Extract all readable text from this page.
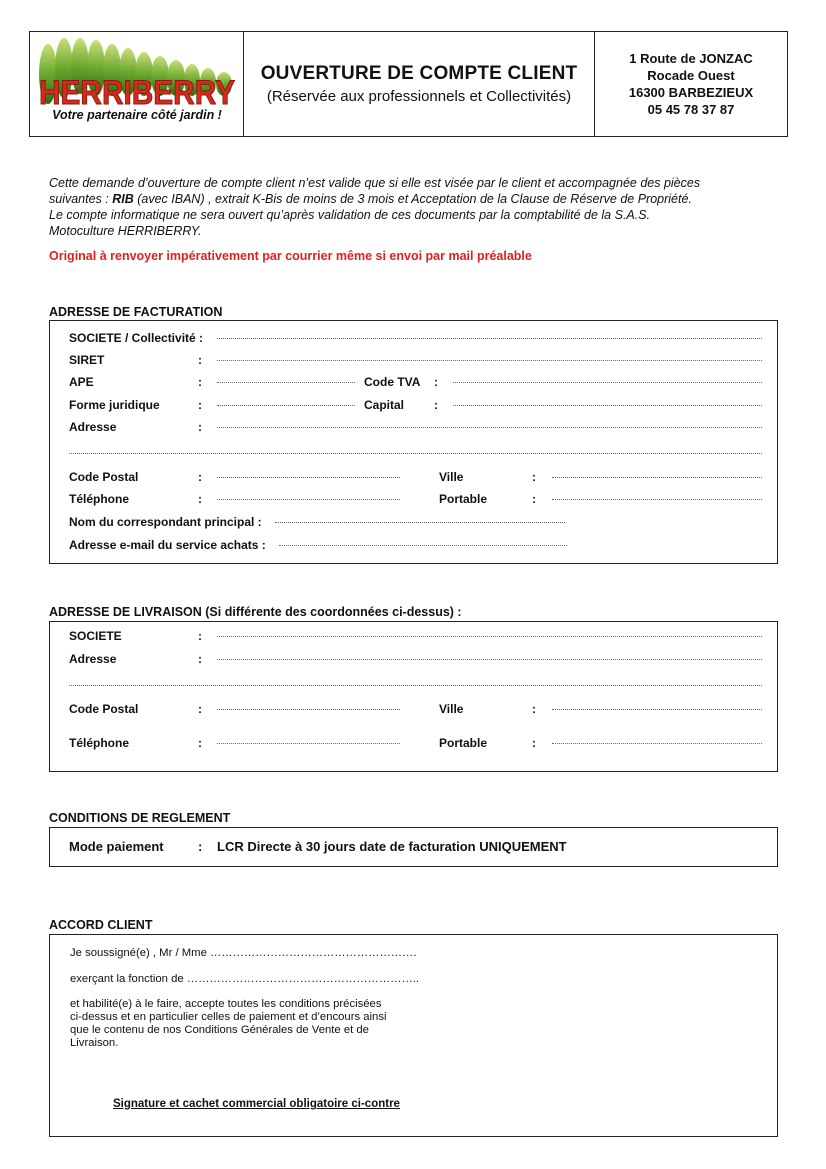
HERRIBERRY
Votre partenaire côté jardin !
OUVERTURE DE COMPTE CLIENT
(Réservée aux professionnels et Collectivités)
1 Route de JONZAC
Rocade Ouest
16300 BARBEZIEUX
05 45 78 37 87
Cette demande d’ouverture de compte client n’est valide que si elle est visée par le client et accompagnée des pièces
suivantes : RIB (avec IBAN) , extrait K-Bis de moins de 3 mois et Acceptation de la Clause de Réserve de Propriété.
Le compte informatique ne sera ouvert qu’après validation de ces documents par la comptabilité de la S.A.S.
Motoculture HERRIBERRY.
Original à renvoyer impérativement par courrier même si envoi par mail préalable
ADRESSE DE FACTURATION
SOCIETE / Collectivité :
SIRET	:
APE	:	Code TVA :
Forme juridique	:	Capital :
Adresse	:
Code Postal	:	Ville	:
Téléphone	:	Portable	:
Nom du correspondant principal :
Adresse e-mail du service achats :
ADRESSE DE LIVRAISON (Si différente des coordonnées ci-dessus) :
SOCIETE	:
Adresse	:
Code Postal	:	Ville	:
Téléphone	:	Portable	:
CONDITIONS DE REGLEMENT
Mode paiement	: LCR Directe à 30 jours date de facturation UNIQUEMENT
ACCORD CLIENT
Je soussigné(e) , Mr / Mme ……………………………………………….
exerçant la fonction de ……………………………………………………..
et habilité(e) à le faire, accepte toutes les conditions précisées
ci-dessus et en particulier celles de paiement et d’encours ainsi
que le contenu de nos Conditions Générales de Vente et de
Livraison.
Signature et cachet commercial obligatoire ci-contre
